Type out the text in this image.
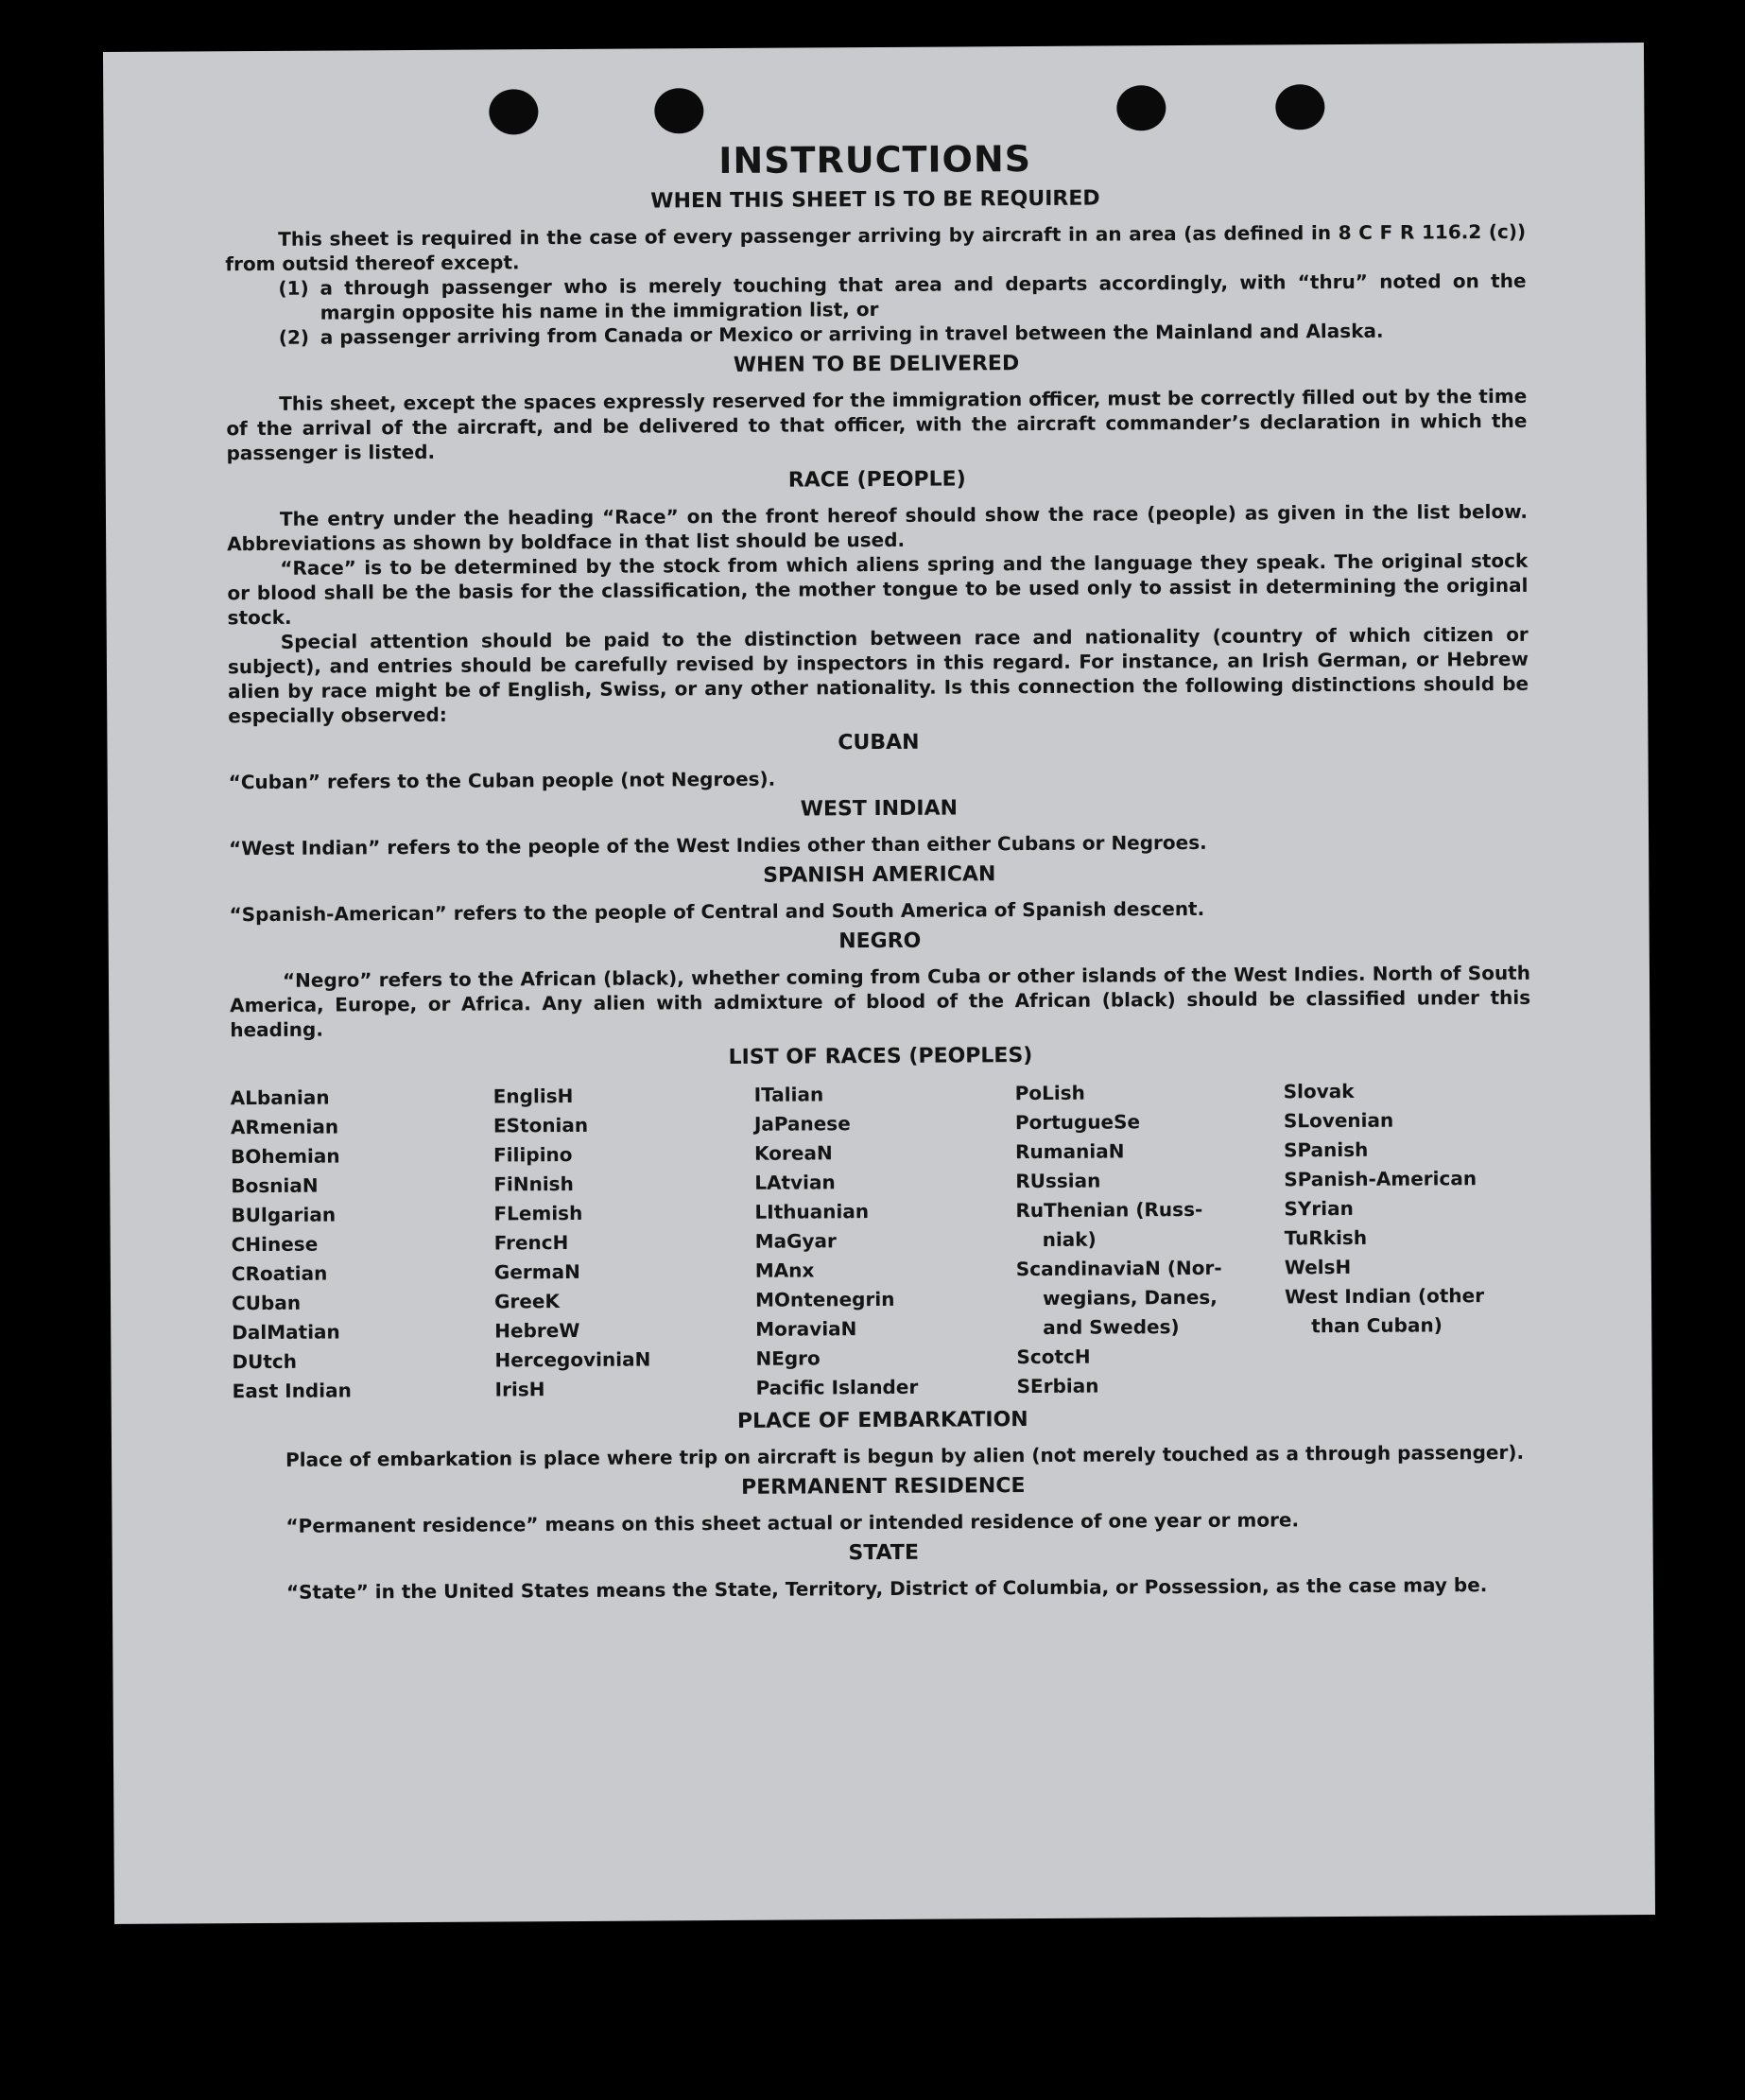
INSTRUCTIONS
WHEN THIS SHEET IS TO BE REQUIRED

This sheet is required in the case of every passenger arriving by aircraft in an area (as defined in 8 C F R 116.2 (c)) from outsid thereof except.

(1) a through passenger who is merely touching that area and departs accordingly, with “thru” noted on the margin opposite his name in the immigration list, or
(2) a passenger arriving from Canada or Mexico or arriving in travel between the Mainland and Alaska.
WHEN TO BE DELIVERED

This sheet, except the spaces expressly reserved for the immigration officer, must be correctly filled out by the time of the arrival of the aircraft, and be delivered to that officer, with the aircraft commander’s declaration in which the passenger is listed.

RACE (PEOPLE)

The entry under the heading “Race” on the front hereof should show the race (people) as given in the list below. Abbreviations as shown by boldface in that list should be used.

“Race” is to be determined by the stock from which aliens spring and the language they speak. The original stock or blood shall be the basis for the classification, the mother tongue to be used only to assist in determining the original stock.

Special attention should be paid to the distinction between race and nationality (country of which citizen or subject), and entries should be carefully revised by inspectors in this regard. For instance, an Irish German, or Hebrew alien by race might be of English, Swiss, or any other nationality. Is this connection the following distinctions should be especially observed:

CUBAN

“Cuban” refers to the Cuban people (not Negroes).

WEST INDIAN

“West Indian” refers to the people of the West Indies other than either Cubans or Negroes.

SPANISH AMERICAN

“Spanish-American” refers to the people of Central and South America of Spanish descent.

NEGRO

“Negro” refers to the African (black), whether coming from Cuba or other islands of the West Indies. North of South America, Europe, or Africa. Any alien with admixture of blood of the African (black) should be classified under this heading.

LIST OF RACES (PEOPLES)
ALbanian
ARmenian
BOhemian
BosniaN
BUlgarian
CHinese
CRoatian
CUban
DalMatian
DUtch
East Indian
EnglisH
EStonian
Filipino
FiNnish
FLemish
FrencH
GermaN
GreeK
HebreW
HercegoviniaN
IrisH
ITalian
JaPanese
KoreaN
LAtvian
LIthuanian
MaGyar
MAnx
MOntenegrin
MoraviaN
NEgro
Pacific Islander
PoLish
PortugueSe
RumaniaN
RUssian
RuThenian (Russ-
niak)
ScandinaviaN (Nor-
wegians, Danes,
and Swedes)
ScotcH
SErbian
Slovak
SLovenian
SPanish
SPanish-American
SYrian
TuRkish
WelsH
West Indian (other
than Cuban)
PLACE OF EMBARKATION

Place of embarkation is place where trip on aircraft is begun by alien (not merely touched as a through passenger).

PERMANENT RESIDENCE

“Permanent residence” means on this sheet actual or intended residence of one year or more.

STATE

“State” in the United States means the State, Territory, District of Columbia, or Possession, as the case may be.
